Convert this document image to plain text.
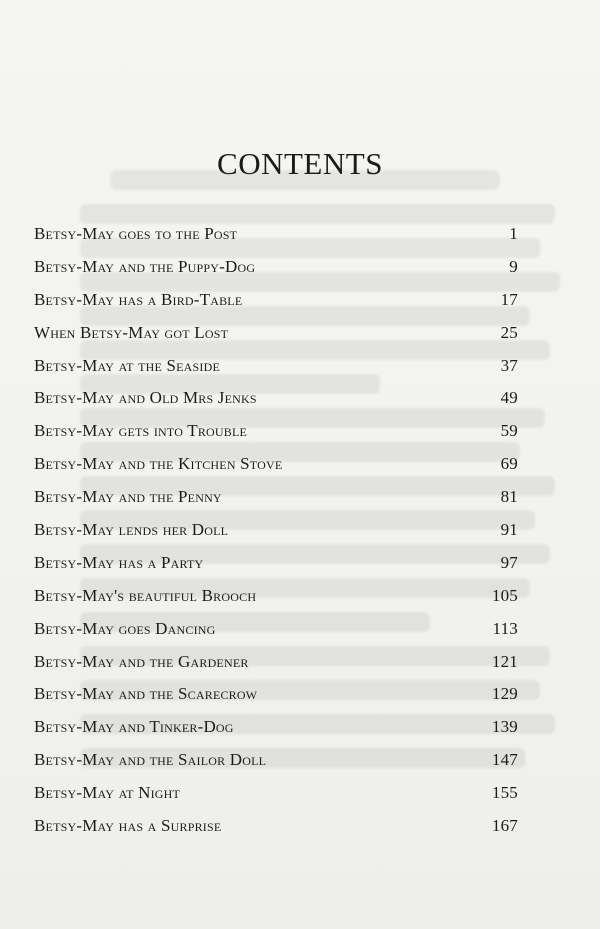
CONTENTS
Betsy-May goes to the Post	1
Betsy-May and the Puppy-Dog	9
Betsy-May has a Bird-Table	17
When Betsy-May got Lost	25
Betsy-May at the Seaside	37
Betsy-May and Old Mrs Jenks	49
Betsy-May gets into Trouble	59
Betsy-May and the Kitchen Stove	69
Betsy-May and the Penny	81
Betsy-May lends her Doll	91
Betsy-May has a Party	97
Betsy-May's beautiful Brooch	105
Betsy-May goes Dancing	113
Betsy-May and the Gardener	121
Betsy-May and the Scarecrow	129
Betsy-May and Tinker-Dog	139
Betsy-May and the Sailor Doll	147
Betsy-May at Night	155
Betsy-May has a Surprise	167
